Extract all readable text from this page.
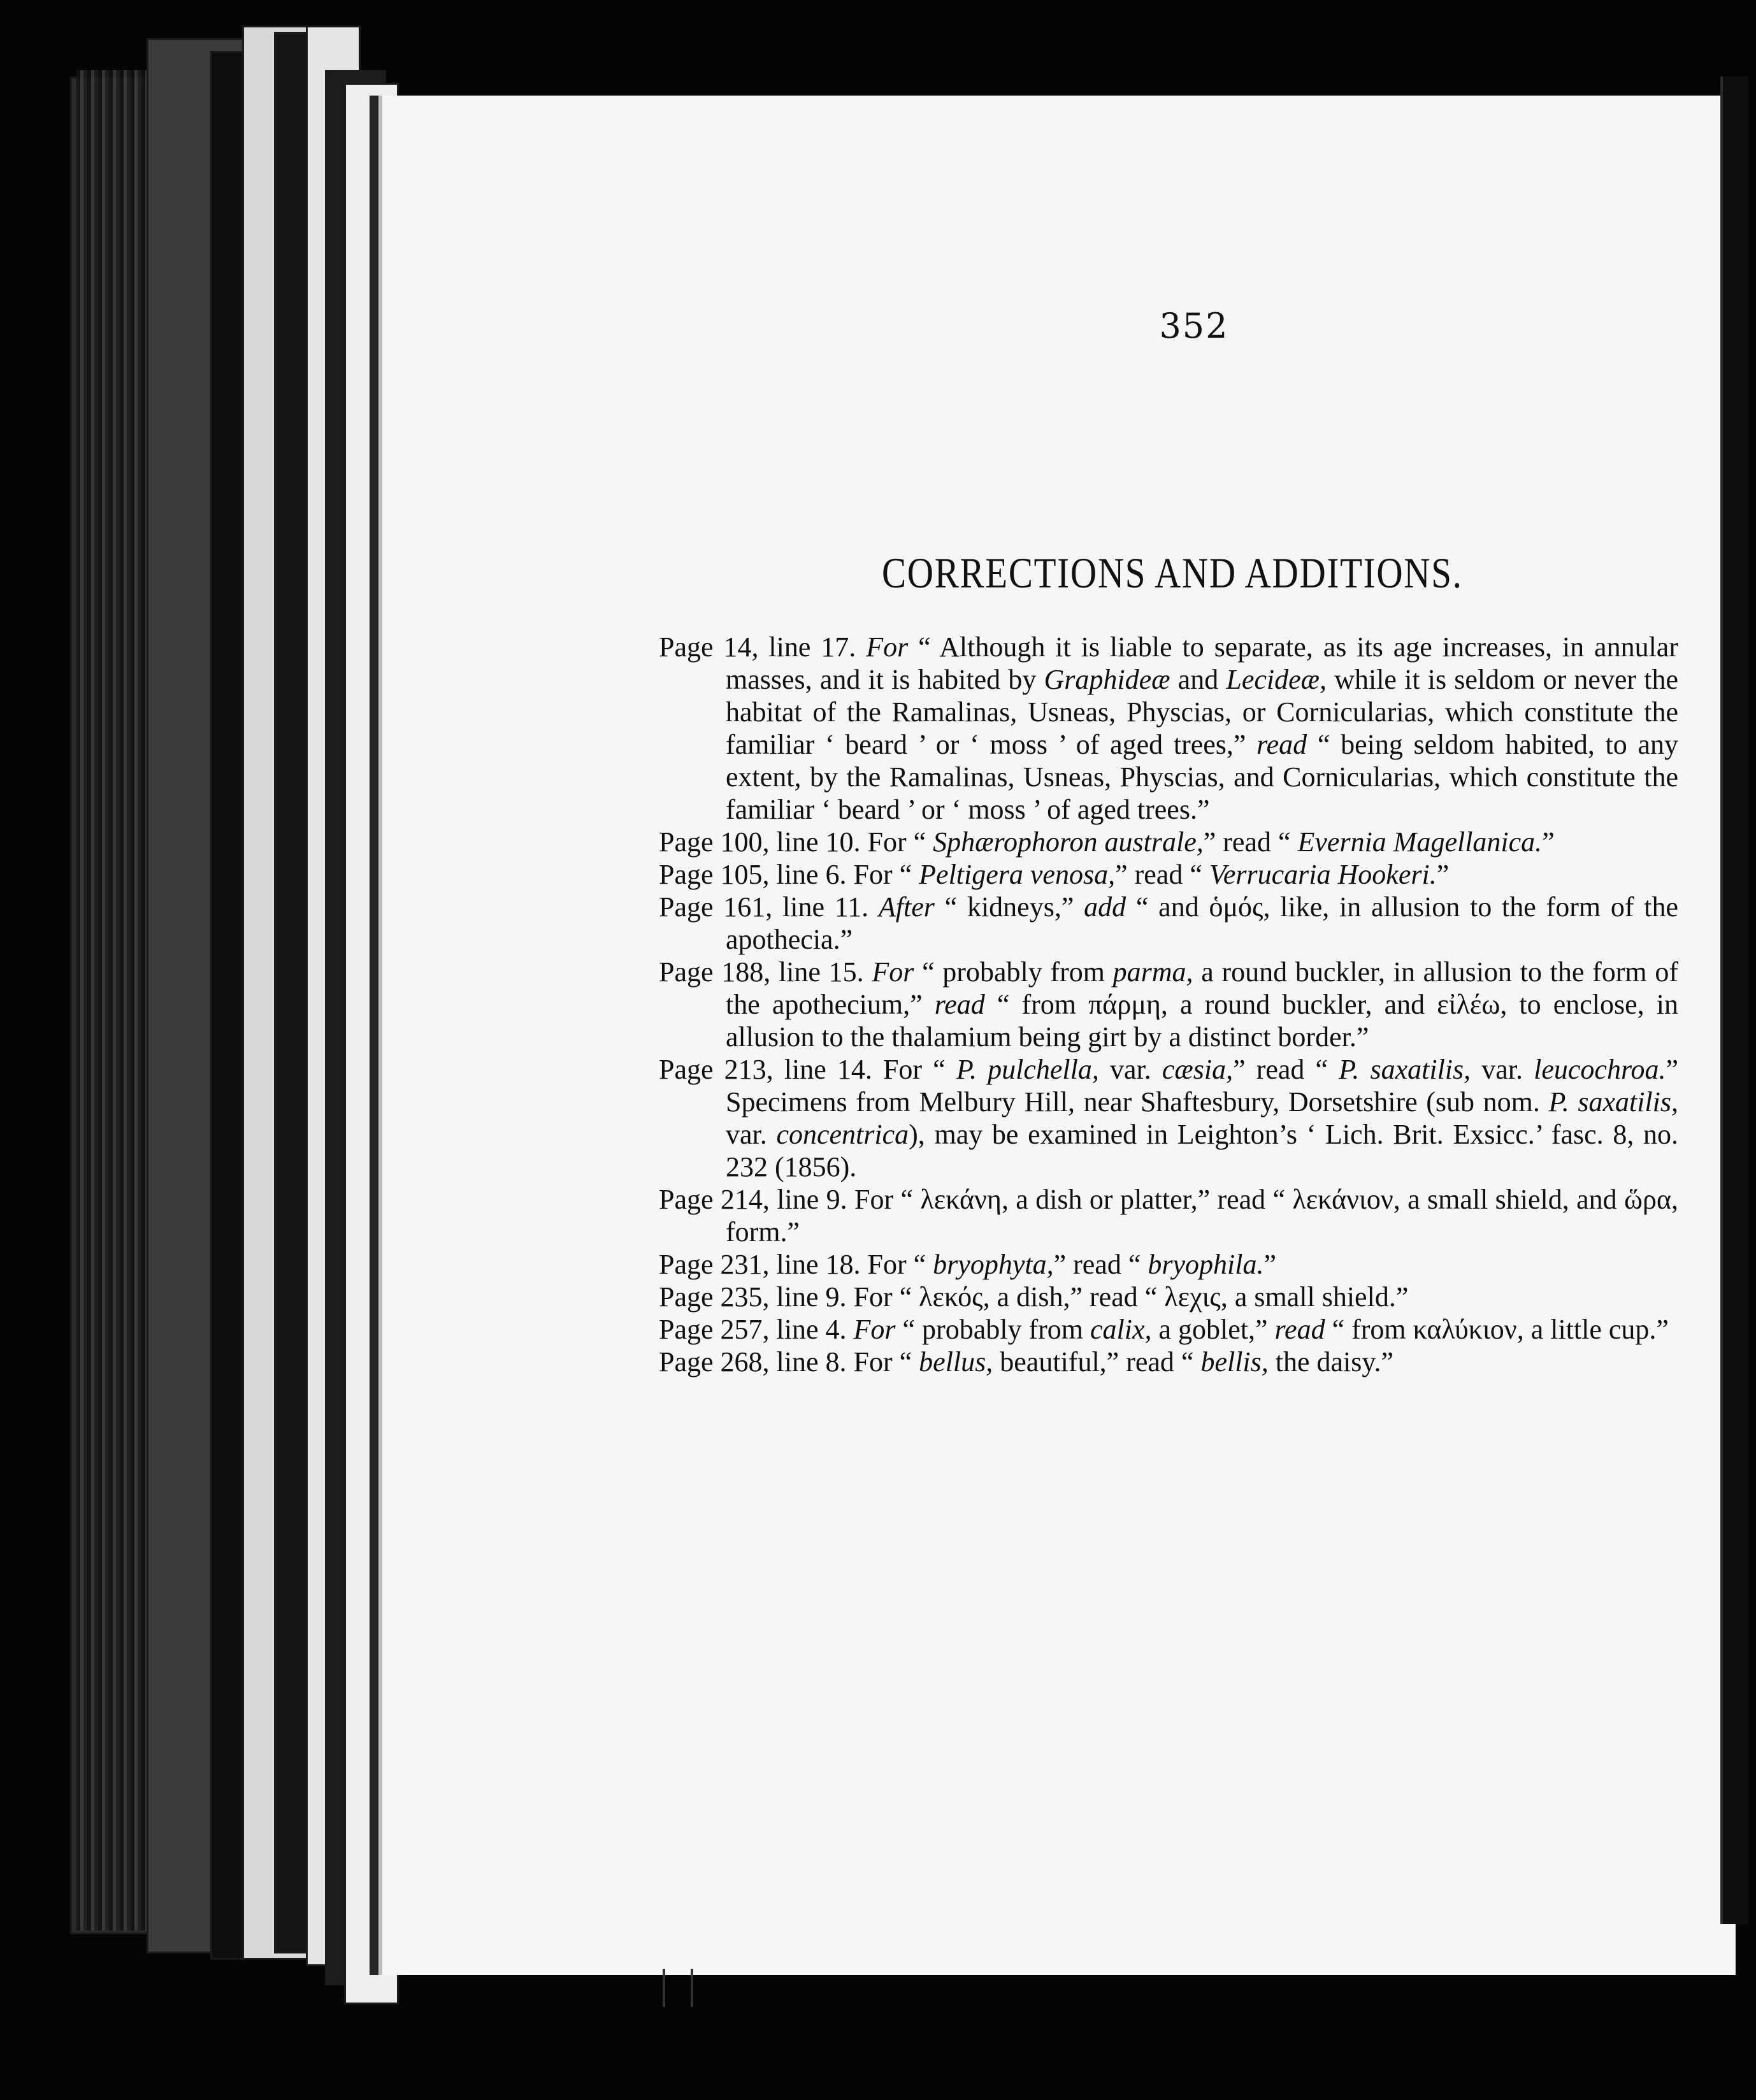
352
CORRECTIONS AND ADDITIONS.

Page 14, line 17. For “ Although it is liable to separate, as its age increases, in annular masses, and it is habited by Graphideæ and Lecideæ, while it is seldom or never the habitat of the Ramalinas, Usneas, Physcias, or Cornicularias, which constitute the familiar ‘ beard ’ or ‘ moss ’ of aged trees,” read “ being seldom habited, to any extent, by the Ramalinas, Usneas, Physcias, and Cornicularias, which constitute the familiar ‘ beard ’ or ‘ moss ’ of aged trees.”

Page 100, line 10. For “ Sphærophoron australe,” read “ Evernia Magellanica.”

Page 105, line 6. For “ Peltigera venosa,” read “ Verrucaria Hookeri.”

Page 161, line 11. After “ kidneys,” add “ and ὁμός, like, in allusion to the form of the apothecia.”

Page 188, line 15. For “ probably from parma, a round buckler, in allusion to the form of the apothecium,” read “ from πάρμη, a round buckler, and εἰλέω, to enclose, in allusion to the thalamium being girt by a distinct border.”

Page 213, line 14. For “ P. pulchella, var. cæsia,” read “ P. saxatilis, var. leucochroa.” Specimens from Melbury Hill, near Shaftesbury, Dorsetshire (sub nom. P. saxatilis, var. concentrica), may be examined in Leighton’s ‘ Lich. Brit. Exsicc.’ fasc. 8, no. 232 (1856).

Page 214, line 9. For “ λεκάνη, a dish or platter,” read “ λεκάνιον, a small shield, and ὥρα, form.”

Page 231, line 18. For “ bryophyta,” read “ bryophila.”

Page 235, line 9. For “ λεκός, a dish,” read “ λεχις, a small shield.”

Page 257, line 4. For “ probably from calix, a goblet,” read “ from καλύκιον, a little cup.”

Page 268, line 8. For “ bellus, beautiful,” read “ bellis, the daisy.”
